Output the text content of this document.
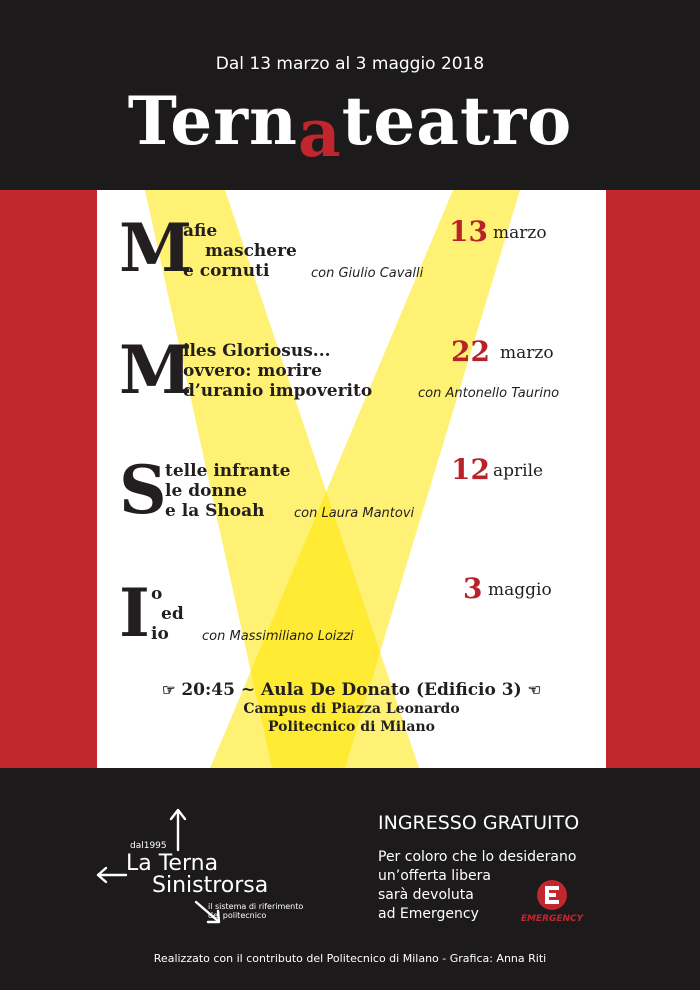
Dal 13 marzo al 3 maggio 2018
Ternateatro
M
afie
maschere
e cornuti	con Giulio Cavalli
13 marzo
M
iles Gloriosus...
ovvero: morire
d’uranio impoverito	con Antonello Taurino
22 marzo
S
telle infrante
le donne
e la Shoah con Laura Mantovi
12 aprile
I o
ed
io	con Massimiliano Loizzi
3 maggio
☞ 20:45 ~ Aula De Donato (Edificio 3) ☜
Campus di Piazza Leonardo
Politecnico di Milano
dal1995
La Terna
Sinistrorsa
il sistema di riferimento
del politecnico
INGRESSO GRATUITO
Per coloro che lo desiderano
un’offerta libera
sarà devoluta
ad Emergency	EMERGENCY
Realizzato con il contributo del Politecnico di Milano - Grafica: Anna Riti
